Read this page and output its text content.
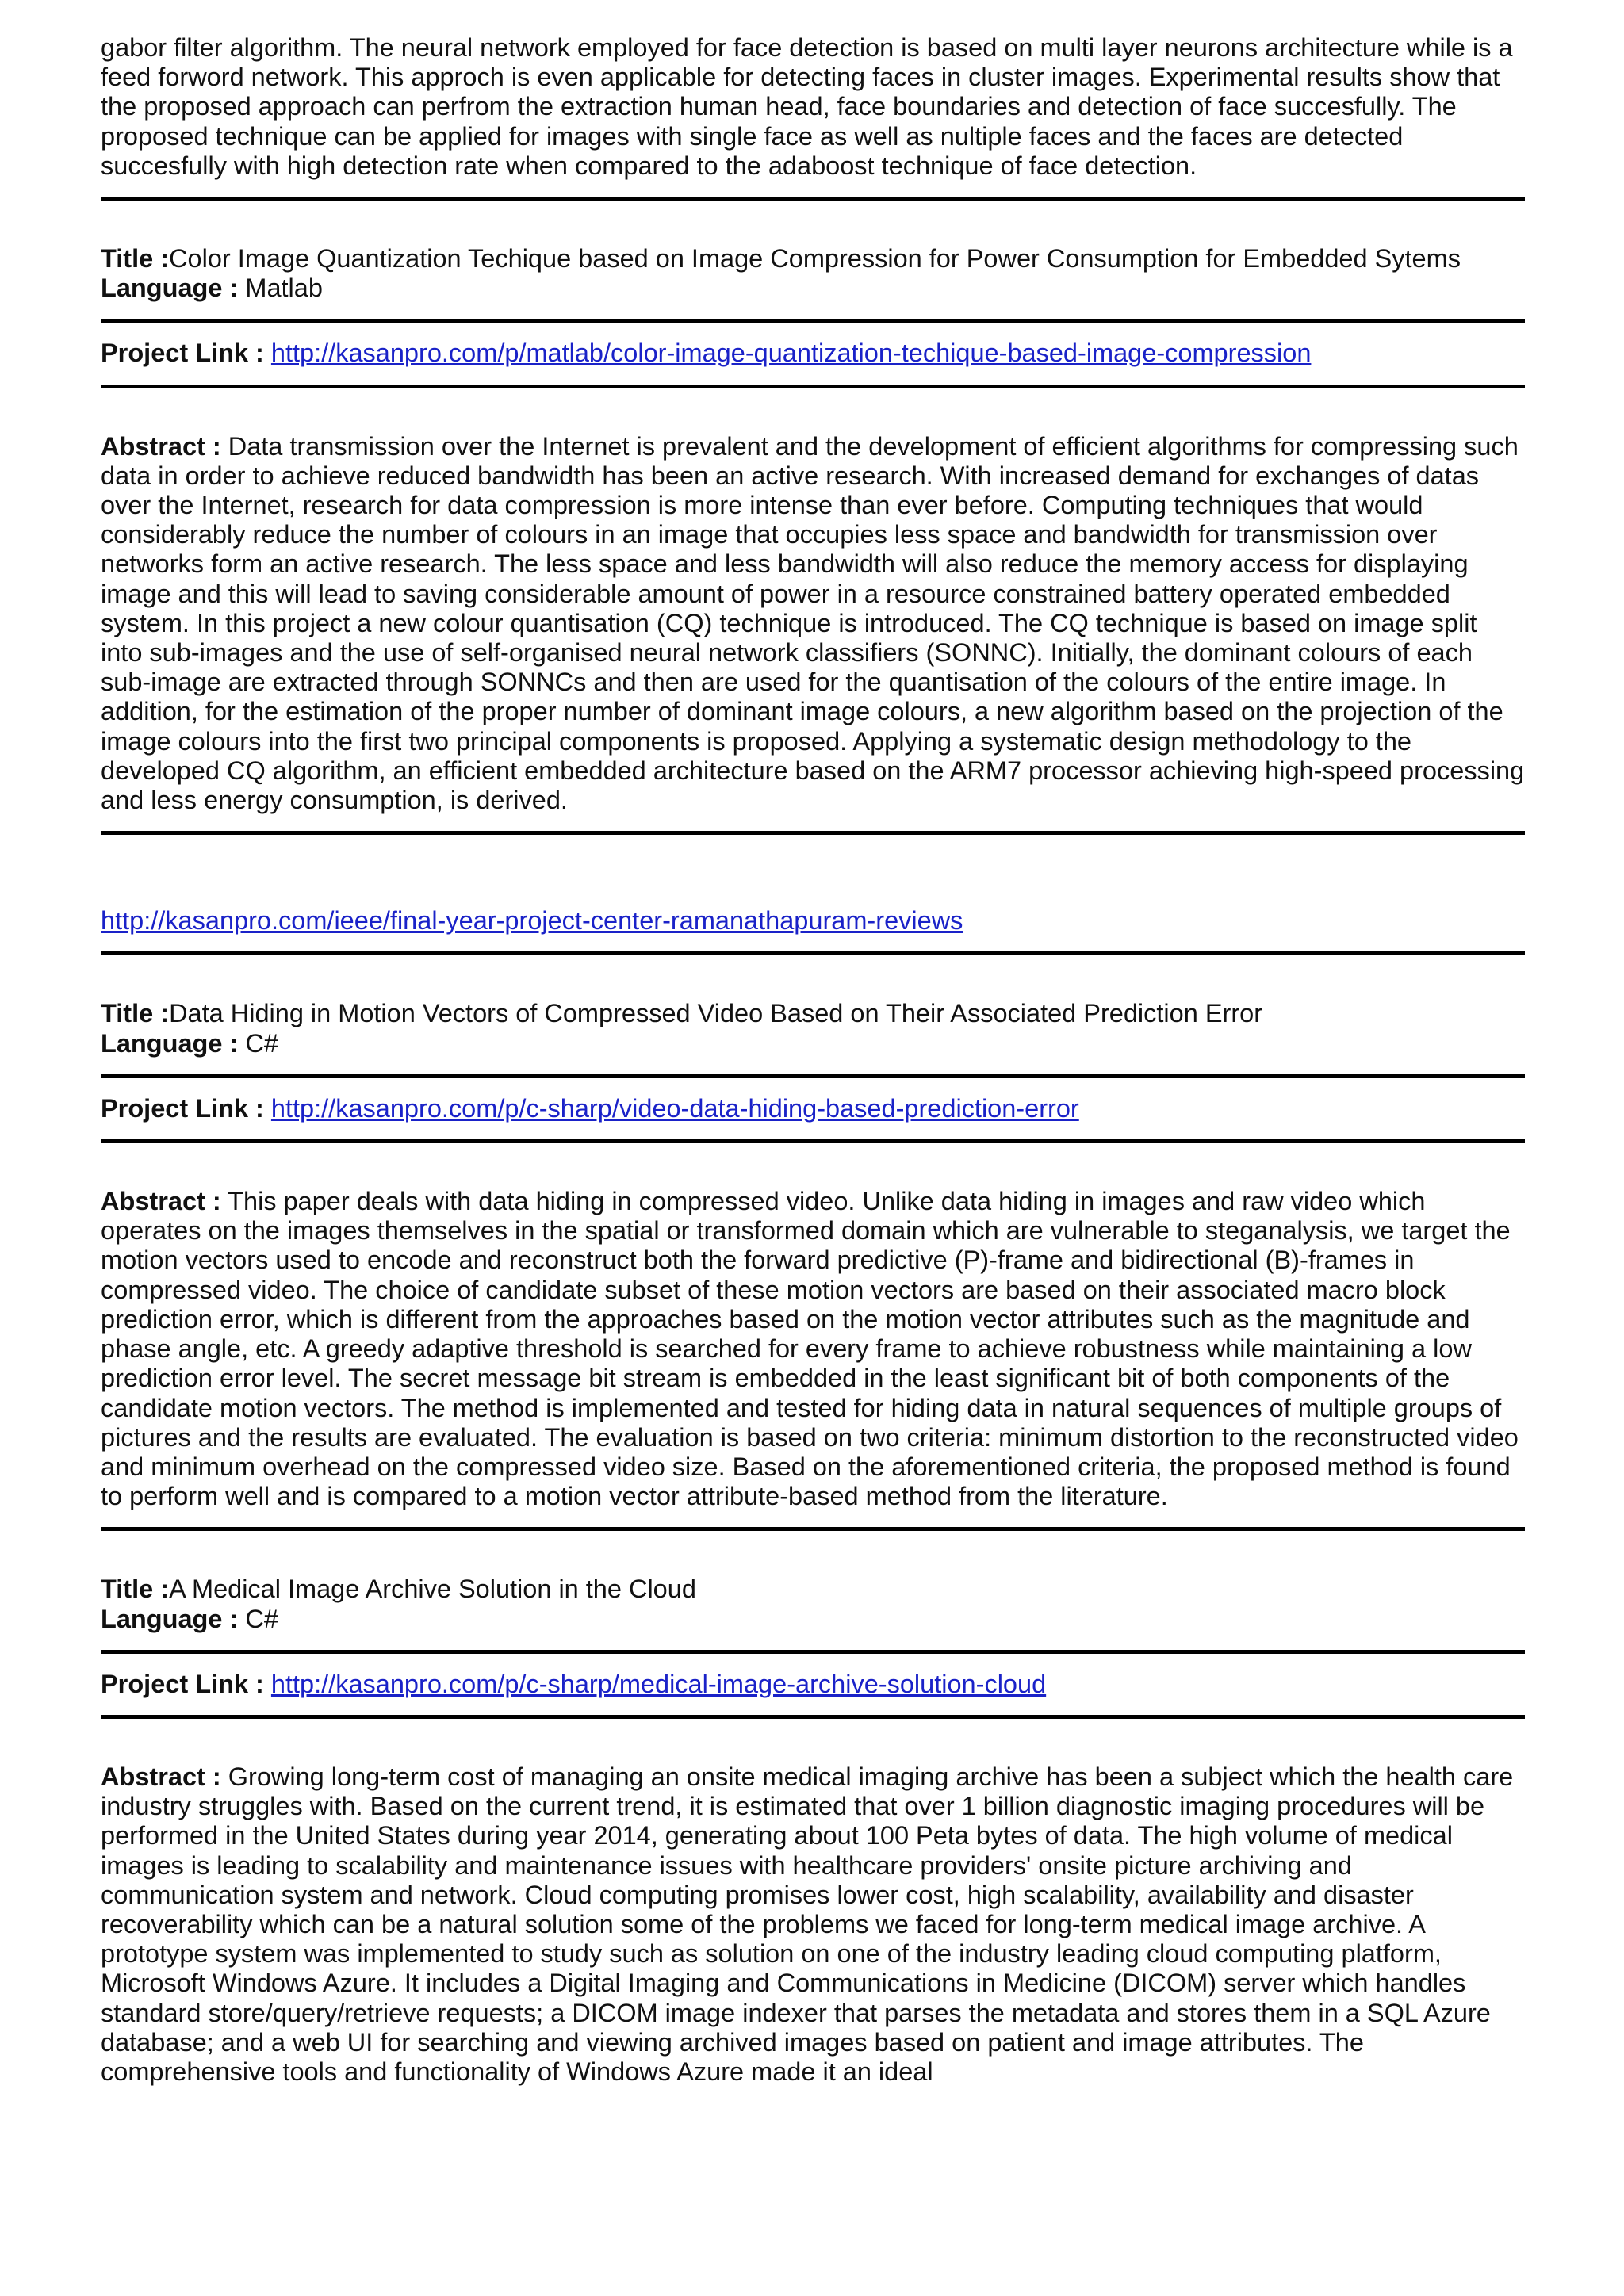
gabor filter algorithm. The neural network employed for face detection is based on multi layer neurons architecture while is a feed forword network. This approch is even applicable for detecting faces in cluster images. Experimental results show that the proposed approach can perfrom the extraction human head, face boundaries and detection of face succesfully. The proposed technique can be applied for images with single face as well as nultiple faces and the faces are detected succesfully with high detection rate when compared to the adaboost technique of face detection.

Title :Color Image Quantization Techique based on Image Compression for Power Consumption for Embedded Sytems

Language : Matlab

Project Link : http://kasanpro.com/p/matlab/color-image-quantization-techique-based-image-compression

Abstract : Data transmission over the Internet is prevalent and the development of efficient algorithms for compressing such data in order to achieve reduced bandwidth has been an active research. With increased demand for exchanges of datas over the Internet, research for data compression is more intense than ever before. Computing techniques that would considerably reduce the number of colours in an image that occupies less space and bandwidth for transmission over networks form an active research. The less space and less bandwidth will also reduce the memory access for displaying image and this will lead to saving considerable amount of power in a resource constrained battery operated embedded system. In this project a new colour quantisation (CQ) technique is introduced. The CQ technique is based on image split into sub-images and the use of self-organised neural network classifiers (SONNC). Initially, the dominant colours of each sub-image are extracted through SONNCs and then are used for the quantisation of the colours of the entire image. In addition, for the estimation of the proper number of dominant image colours, a new algorithm based on the projection of the image colours into the first two principal components is proposed. Applying a systematic design methodology to the developed CQ algorithm, an efficient embedded architecture based on the ARM7 processor achieving high-speed processing and less energy consumption, is derived.

http://kasanpro.com/ieee/final-year-project-center-ramanathapuram-reviews

Title :Data Hiding in Motion Vectors of Compressed Video Based on Their Associated Prediction Error

Language : C#

Project Link : http://kasanpro.com/p/c-sharp/video-data-hiding-based-prediction-error

Abstract : This paper deals with data hiding in compressed video. Unlike data hiding in images and raw video which operates on the images themselves in the spatial or transformed domain which are vulnerable to steganalysis, we target the motion vectors used to encode and reconstruct both the forward predictive (P)-frame and bidirectional (B)-frames in compressed video. The choice of candidate subset of these motion vectors are based on their associated macro block prediction error, which is different from the approaches based on the motion vector attributes such as the magnitude and phase angle, etc. A greedy adaptive threshold is searched for every frame to achieve robustness while maintaining a low prediction error level. The secret message bit stream is embedded in the least significant bit of both components of the candidate motion vectors. The method is implemented and tested for hiding data in natural sequences of multiple groups of pictures and the results are evaluated. The evaluation is based on two criteria: minimum distortion to the reconstructed video and minimum overhead on the compressed video size. Based on the aforementioned criteria, the proposed method is found to perform well and is compared to a motion vector attribute-based method from the literature.

Title :A Medical Image Archive Solution in the Cloud

Language : C#

Project Link : http://kasanpro.com/p/c-sharp/medical-image-archive-solution-cloud

Abstract : Growing long-term cost of managing an onsite medical imaging archive has been a subject which the health care industry struggles with. Based on the current trend, it is estimated that over 1 billion diagnostic imaging procedures will be performed in the United States during year 2014, generating about 100 Peta bytes of data. The high volume of medical images is leading to scalability and maintenance issues with healthcare providers' onsite picture archiving and communication system and network. Cloud computing promises lower cost, high scalability, availability and disaster recoverability which can be a natural solution some of the problems we faced for long-term medical image archive. A prototype system was implemented to study such as solution on one of the industry leading cloud computing platform, Microsoft Windows Azure. It includes a Digital Imaging and Communications in Medicine (DICOM) server which handles standard store/query/retrieve requests; a DICOM image indexer that parses the metadata and stores them in a SQL Azure database; and a web UI for searching and viewing archived images based on patient and image attributes. The comprehensive tools and functionality of Windows Azure made it an ideal
